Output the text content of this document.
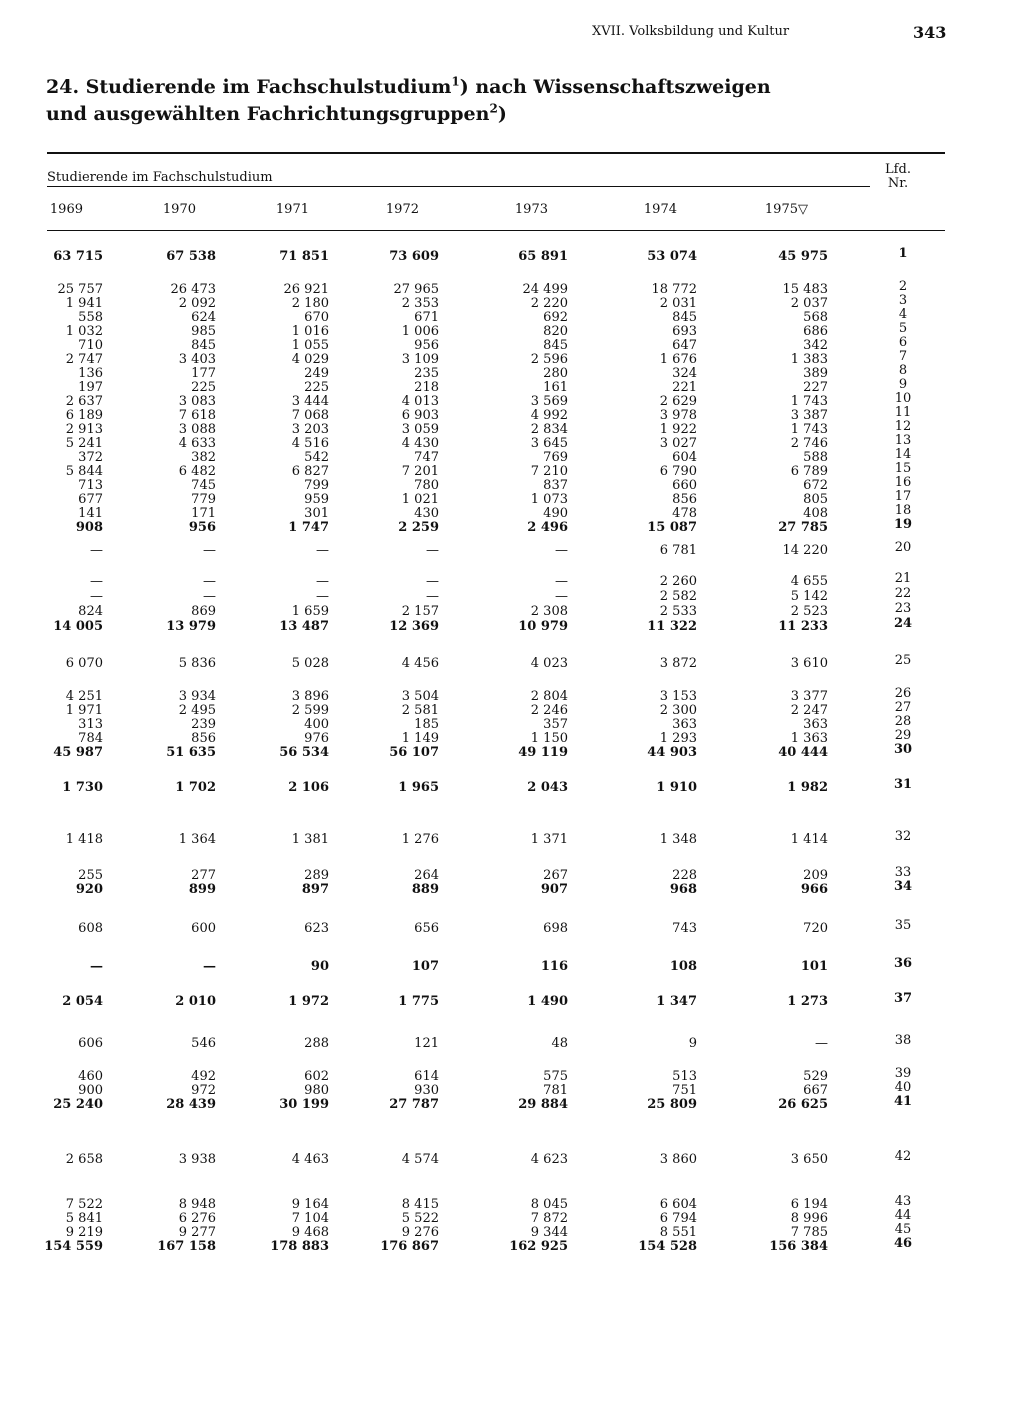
XVII. Volksbildung und Kultur	343
24. Studierende im Fachschulstudium$^1$) nach Wissenschaftszweigen
und ausgewählten Fachrichtungsgruppen$^2$)
Studierende im Fachschulstudium
Lfd.
Nr.
1969	1970	1971	1972	1973	1974	1975▽
63 715	67 538	71 851	73 609	65 891	53 074	45 975	1
25 757	26 473	26 921	27 965	24 499	18 772	15 483	2
1 941	2 092	2 180	2 353	2 220	2 031	2 037	3
558	624	670	671	692	845	568	4
1 032	985	1 016	1 006	820	693	686	5
710	845	1 055	956	845	647	342	6
2 747	3 403	4 029	3 109	2 596	1 676	1 383	7
136	177	249	235	280	324	389	8
197	225	225	218	161	221	227	9
2 637	3 083	3 444	4 013	3 569	2 629	1 743	10
6 189	7 618	7 068	6 903	4 992	3 978	3 387	11
2 913	3 088	3 203	3 059	2 834	1 922	1 743	12
5 241	4 633	4 516	4 430	3 645	3 027	2 746	13
372	382	542	747	769	604	588	14
5 844	6 482	6 827	7 201	7 210	6 790	6 789	15
713	745	799	780	837	660	672	16
677	779	959	1 021	1 073	856	805	17
141	171	301	430	490	478	408	18
908	956	1 747	2 259	2 496	15 087	27 785	19
—	—	—	—	—	6 781	14 220	20
—	—	—	—	—	2 260	4 655	21
—	—	—	—	—	2 582	5 142	22
824	869	1 659	2 157	2 308	2 533	2 523	23
14 005	13 979	13 487	12 369	10 979	11 322	11 233	24
6 070	5 836	5 028	4 456	4 023	3 872	3 610	25
4 251	3 934	3 896	3 504	2 804	3 153	3 377	26
1 971	2 495	2 599	2 581	2 246	2 300	2 247	27
313	239	400	185	357	363	363	28
784	856	976	1 149	1 150	1 293	1 363	29
45 987	51 635	56 534	56 107	49 119	44 903	40 444	30
1 730	1 702	2 106	1 965	2 043	1 910	1 982	31
1 418	1 364	1 381	1 276	1 371	1 348	1 414	32
255	277	289	264	267	228	209	33
920	899	897	889	907	968	966	34
608	600	623	656	698	743	720	35
—	—	90	107	116	108	101	36
2 054	2 010	1 972	1 775	1 490	1 347	1 273	37
606	546	288	121	48	9	—	38
460	492	602	614	575	513	529	39
900	972	980	930	781	751	667	40
25 240	28 439	30 199	27 787	29 884	25 809	26 625	41
2 658	3 938	4 463	4 574	4 623	3 860	3 650	42
7 522	8 948	9 164	8 415	8 045	6 604	6 194	43
5 841	6 276	7 104	5 522	7 872	6 794	8 996	44
9 219	9 277	9 468	9 276	9 344	8 551	7 785	45
154 559	167 158	178 883	176 867	162 925	154 528	156 384	46
